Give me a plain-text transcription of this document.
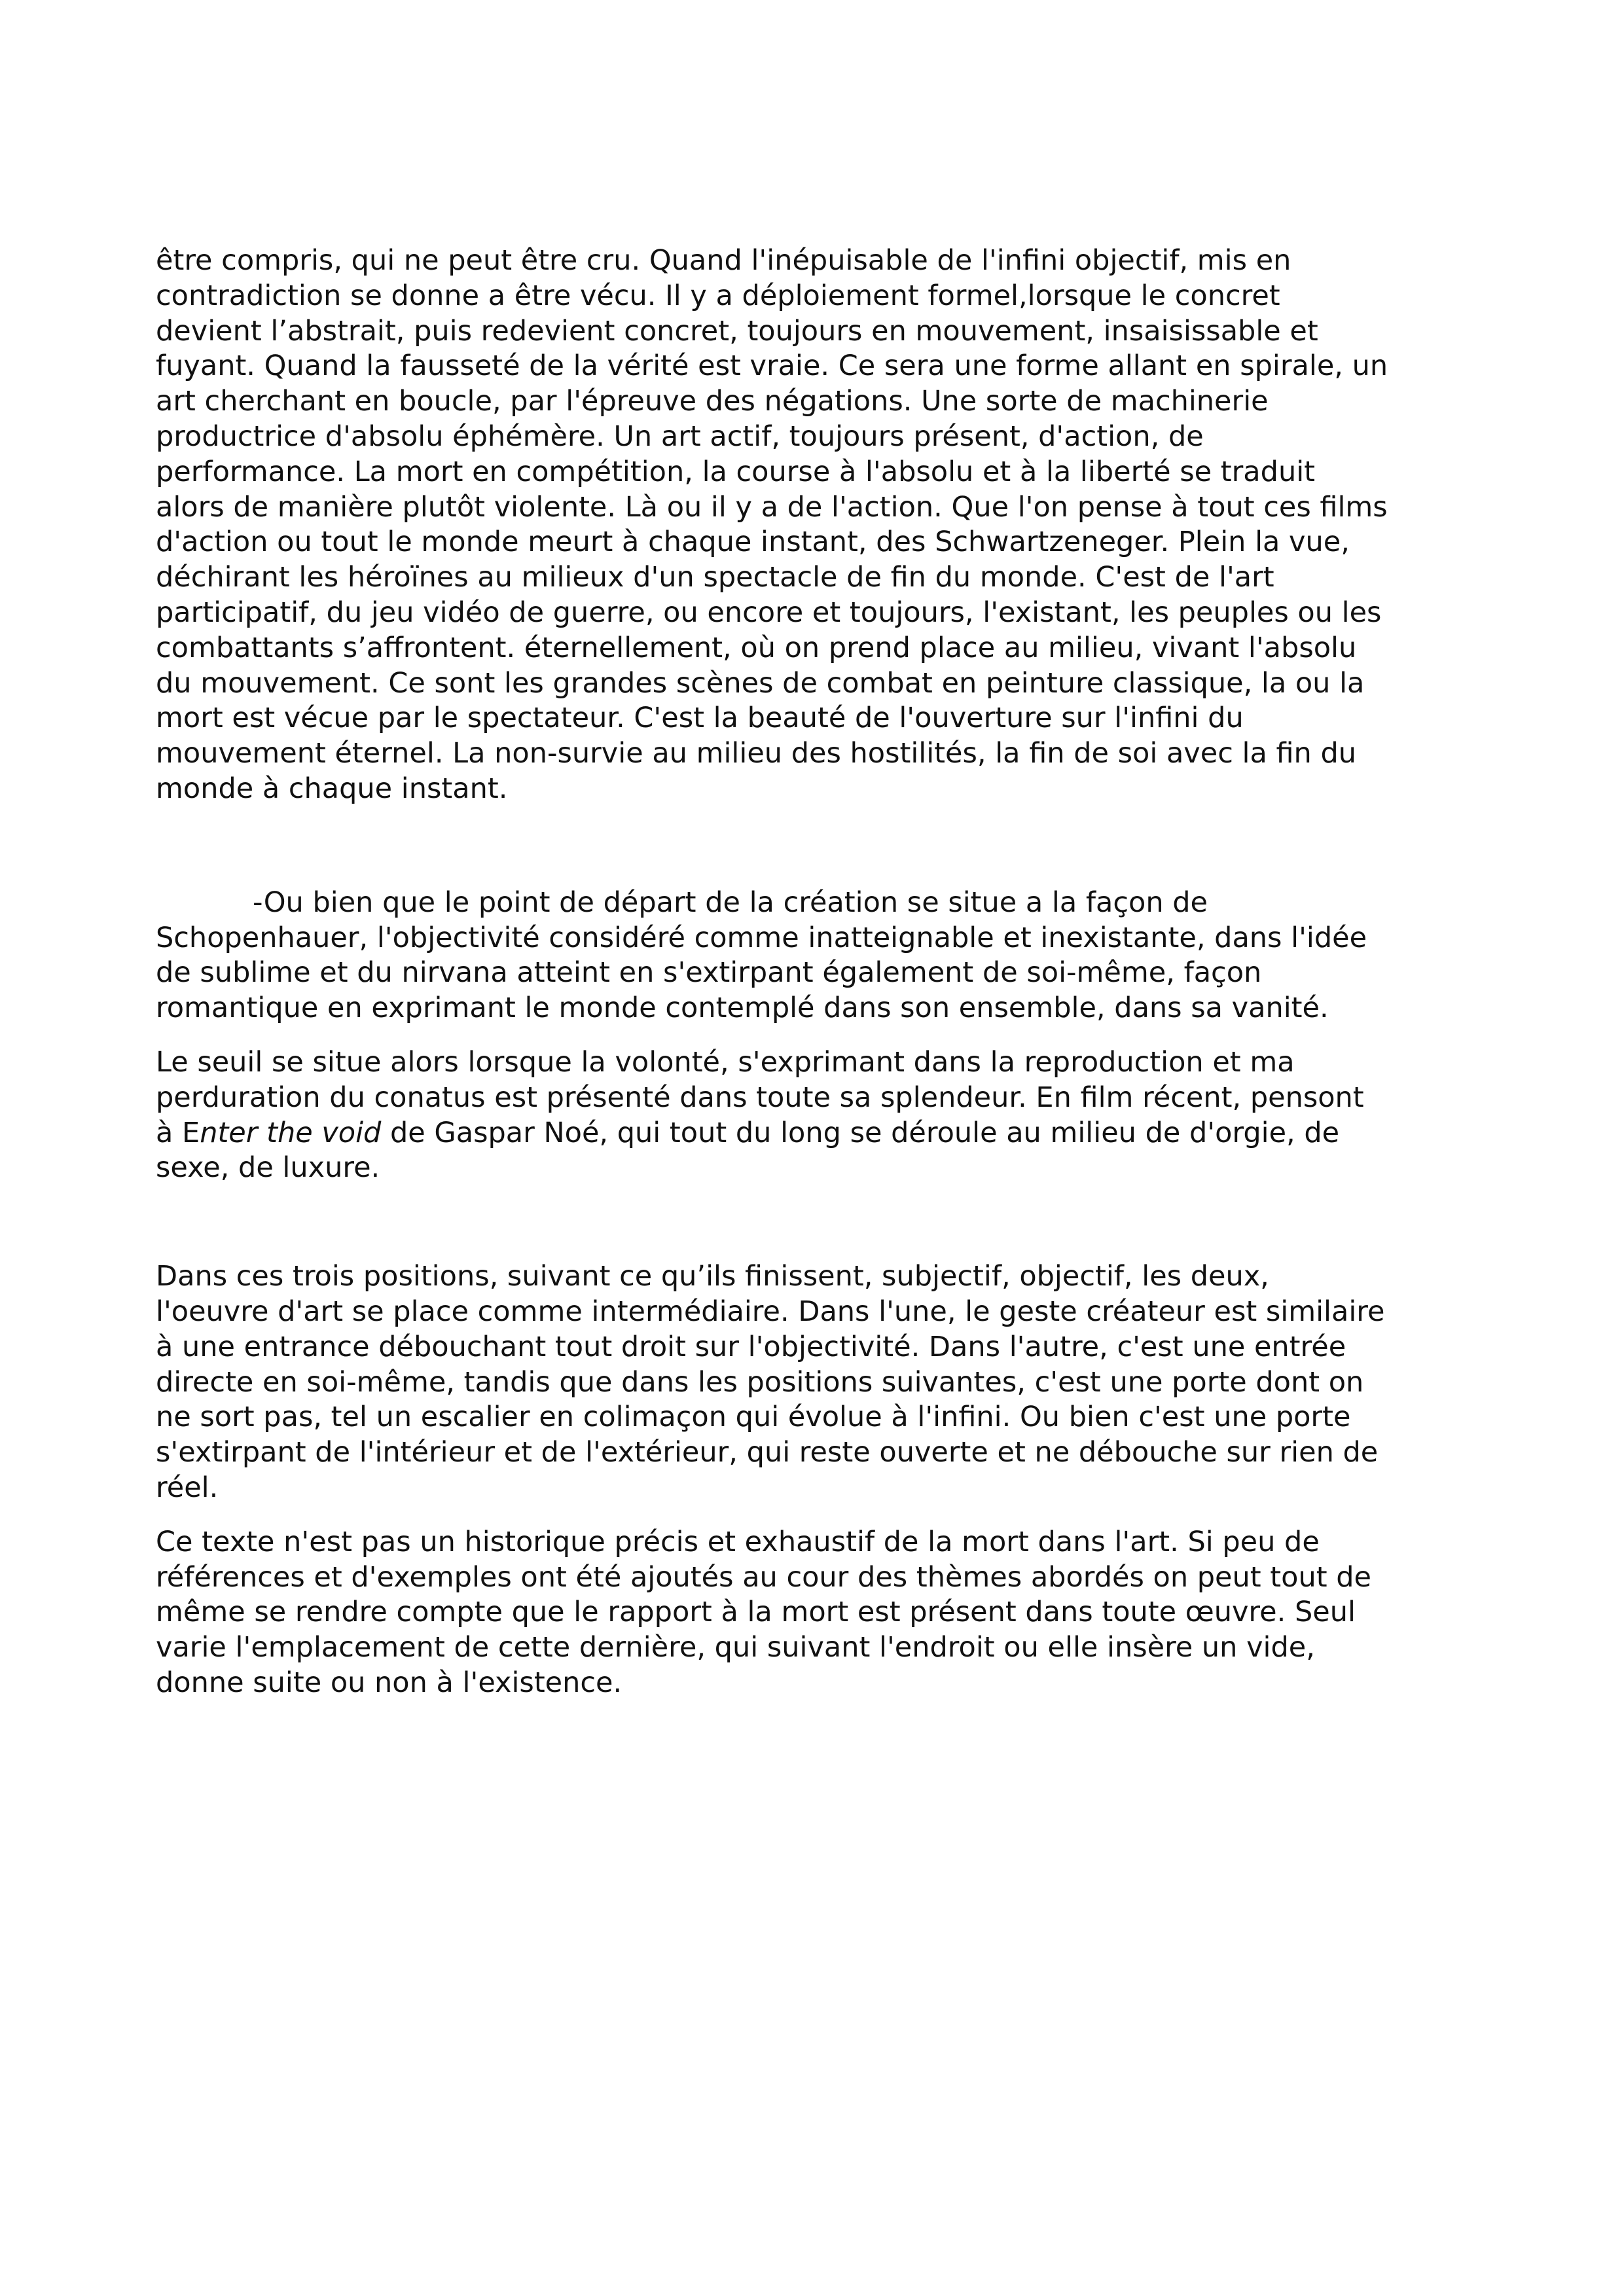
être compris, qui ne peut être cru. Quand l'inépuisable de l'infini objectif, mis en
contradiction se donne a être vécu. Il y a déploiement formel,lorsque le concret
devient l’abstrait, puis redevient concret, toujours en mouvement, insaisissable et
fuyant. Quand la fausseté de la vérité est vraie. Ce sera une forme allant en spirale, un
art cherchant en boucle, par l'épreuve des négations. Une sorte de machinerie
productrice d'absolu éphémère. Un art actif, toujours présent, d'action, de
performance. La mort en compétition, la course à l'absolu et à la liberté se traduit
alors de manière plutôt violente. Là ou il y a de l'action. Que l'on pense à tout ces films
d'action ou tout le monde meurt à chaque instant, des Schwartzeneger. Plein la vue,
déchirant les héroïnes au milieux d'un spectacle de fin du monde. C'est de l'art
participatif, du jeu vidéo de guerre, ou encore et toujours, l'existant, les peuples ou les
combattants s’affrontent. éternellement, où on prend place au milieu, vivant l'absolu
du mouvement. Ce sont les grandes scènes de combat en peinture classique, la ou la
mort est vécue par le spectateur. C'est la beauté de l'ouverture sur l'infini du
mouvement éternel. La non-survie au milieu des hostilités, la fin de soi avec la fin du
monde à chaque instant.
-Ou bien que le point de départ de la création se situe a la façon de
Schopenhauer, l'objectivité considéré comme inatteignable et inexistante, dans l'idée
de sublime et du nirvana atteint en s'extirpant également de soi-même, façon
romantique en exprimant le monde contemplé dans son ensemble, dans sa vanité.
Le seuil se situe alors lorsque la volonté, s'exprimant dans la reproduction et ma
perduration du conatus est présenté dans toute sa splendeur. En film récent, pensont
à Enter the void de Gaspar Noé, qui tout du long se déroule au milieu de d'orgie, de
sexe, de luxure.
Dans ces trois positions, suivant ce qu’ils finissent, subjectif, objectif, les deux,
l'oeuvre d'art se place comme intermédiaire. Dans l'une, le geste créateur est similaire
à une entrance débouchant tout droit sur l'objectivité. Dans l'autre, c'est une entrée
directe en soi-même, tandis que dans les positions suivantes, c'est une porte dont on
ne sort pas, tel un escalier en colimaçon qui évolue à l'infini. Ou bien c'est une porte
s'extirpant de l'intérieur et de l'extérieur, qui reste ouverte et ne débouche sur rien de
réel.
Ce texte n'est pas un historique précis et exhaustif de la mort dans l'art. Si peu de
références et d'exemples ont été ajoutés au cour des thèmes abordés on peut tout de
même se rendre compte que le rapport à la mort est présent dans toute œuvre. Seul
varie l'emplacement de cette dernière, qui suivant l'endroit ou elle insère un vide,
donne suite ou non à l'existence.
